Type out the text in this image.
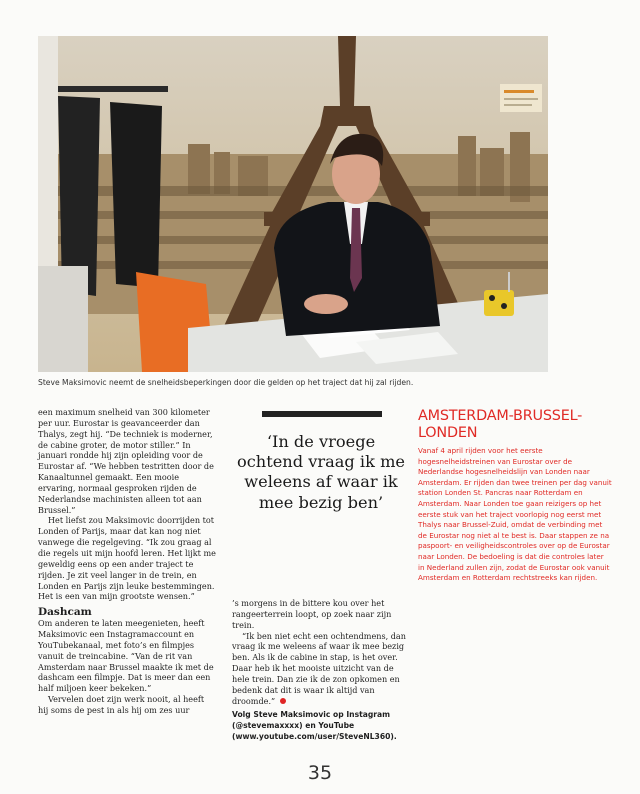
Steve Maksimovic neemt de snelheidsbeperkingen door die gelden op het traject dat hij zal rijden.

een maximum snelheid van 300 kilometer per uur. Eurostar is geavanceerder dan Thalys, zegt hij. “De techniek is moderner, de cabine groter, de motor stiller.” In januari rondde hij zijn opleiding voor de Eurostar af. “We hebben testritten door de Kanaaltunnel gemaakt. Een mooie ervaring, normaal gesproken rijden de Nederlandse machinisten alleen tot aan Brussel.”

Het liefst zou Maksimovic doorrijden tot Londen of Parijs, maar dat kan nog niet vanwege die regelgeving. “Ik zou graag al die regels uit mijn hoofd leren. Het lijkt me geweldig eens op een ander traject te rijden. Je zit veel langer in de trein, en Londen en Parijs zijn leuke bestemmingen. Het is een van mijn grootste wensen.”

Dashcam

Om anderen te laten meegenieten, heeft Maksimovic een Instagramaccount en YouTubekanaal, met foto’s en filmpjes vanuit de treincabine. “Van de rit van Amsterdam naar Brussel maakte ik met de dashcam een filmpje. Dat is meer dan een half miljoen keer bekeken.”

Vervelen doet zijn werk nooit, al heeft hij soms de pest in als hij om zes uur

‘In de vroege ochtend vraag ik me weleens af waar ik mee bezig ben’

’s morgens in de bittere kou over het rangeerterrein loopt, op zoek naar zijn trein.

“Ik ben niet echt een ochtendmens, dan vraag ik me weleens af waar ik mee bezig ben. Als ik de cabine in stap, is het over. Daar heb ik het mooiste uitzicht van de hele trein. Dan zie ik de zon opkomen en bedenk dat dit is waar ik altijd van droomde.”

Volg Steve Maksimovic op Instagram (@stevemaxxxx) en YouTube (www.youtube.com/user/SteveNL360).
AMSTERDAM-BRUSSEL-LONDEN
Vanaf 4 april rijden voor het eerste hogesnelheidstreinen van Eurostar over de Nederlandse hogesnelheidslijn van Londen naar Amsterdam. Er rijden dan twee treinen per dag vanuit station Londen St. Pancras naar Rotterdam en Amsterdam. Naar Londen toe gaan reizigers op het eerste stuk van het traject voorlopig nog eerst met Thalys naar Brussel-Zuid, omdat de verbinding met de Eurostar nog niet al te best is. Daar stappen ze na paspoort- en veiligheidscontroles over op de Eurostar naar Londen. De bedoeling is dat die controles later in Nederland zullen zijn, zodat de Eurostar ook vanuit Amsterdam en Rotterdam rechtstreeks kan rijden.
35
